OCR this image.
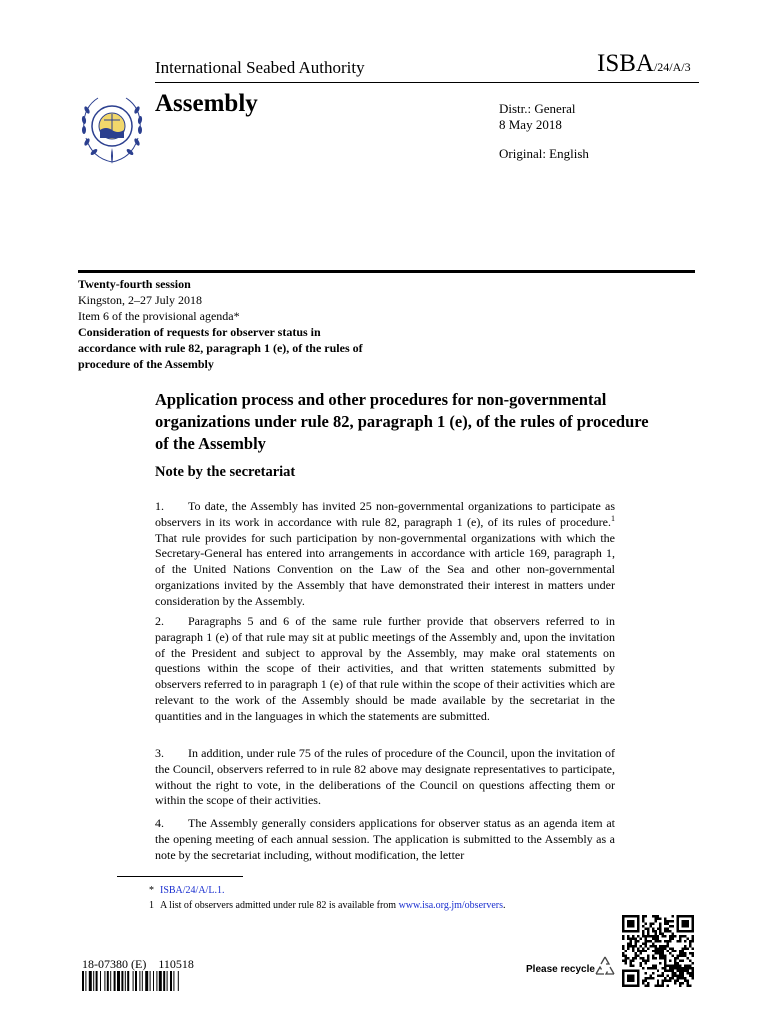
International Seabed Authority	ISBA/24/A/3
Assembly	Distr.: General
8 May 2018
Original: English
Twenty-fourth session
Kingston, 2–27 July 2018
Item 6 of the provisional agenda*
Consideration of requests for observer status in accordance with rule 82, paragraph 1 (e), of the rules of procedure of the Assembly
Application process and other procedures for non-governmental organizations under rule 82, paragraph 1 (e), of the rules of procedure of the Assembly
Note by the secretariat
1. To date, the Assembly has invited 25 non-governmental organizations to participate as observers in its work in accordance with rule 82, paragraph 1 (e), of its rules of procedure.$^1$ That rule provides for such participation by non-governmental organizations with which the Secretary-General has entered into arrangements in accordance with article 169, paragraph 1, of the United Nations Convention on the Law of the Sea and other non-governmental organizations invited by the Assembly that have demonstrated their interest in matters under consideration by the Assembly.
2. Paragraphs 5 and 6 of the same rule further provide that observers referred to in paragraph 1 (e) of that rule may sit at public meetings of the Assembly and, upon the invitation of the President and subject to approval by the Assembly, may make oral statements on questions within the scope of their activities, and that written statements submitted by observers referred to in paragraph 1 (e) of that rule within the scope of their activities which are relevant to the work of the Assembly should be made available by the secretariat in the quantities and in the languages in which the statements are submitted.
3. In addition, under rule 75 of the rules of procedure of the Council, upon the invitation of the Council, observers referred to in rule 82 above may designate representatives to participate, without the right to vote, in the deliberations of the Council on questions affecting them or within the scope of their activities.
4. The Assembly generally considers applications for observer status as an agenda item at the opening meeting of each annual session. The application is submitted to the Assembly as a note by the secretariat including, without modification, the letter
* ISBA/24/A/L.1.
1 A list of observers admitted under rule 82 is available from www.isa.org.jm/observers.
18-07380 (E)    110518	Please recycle
